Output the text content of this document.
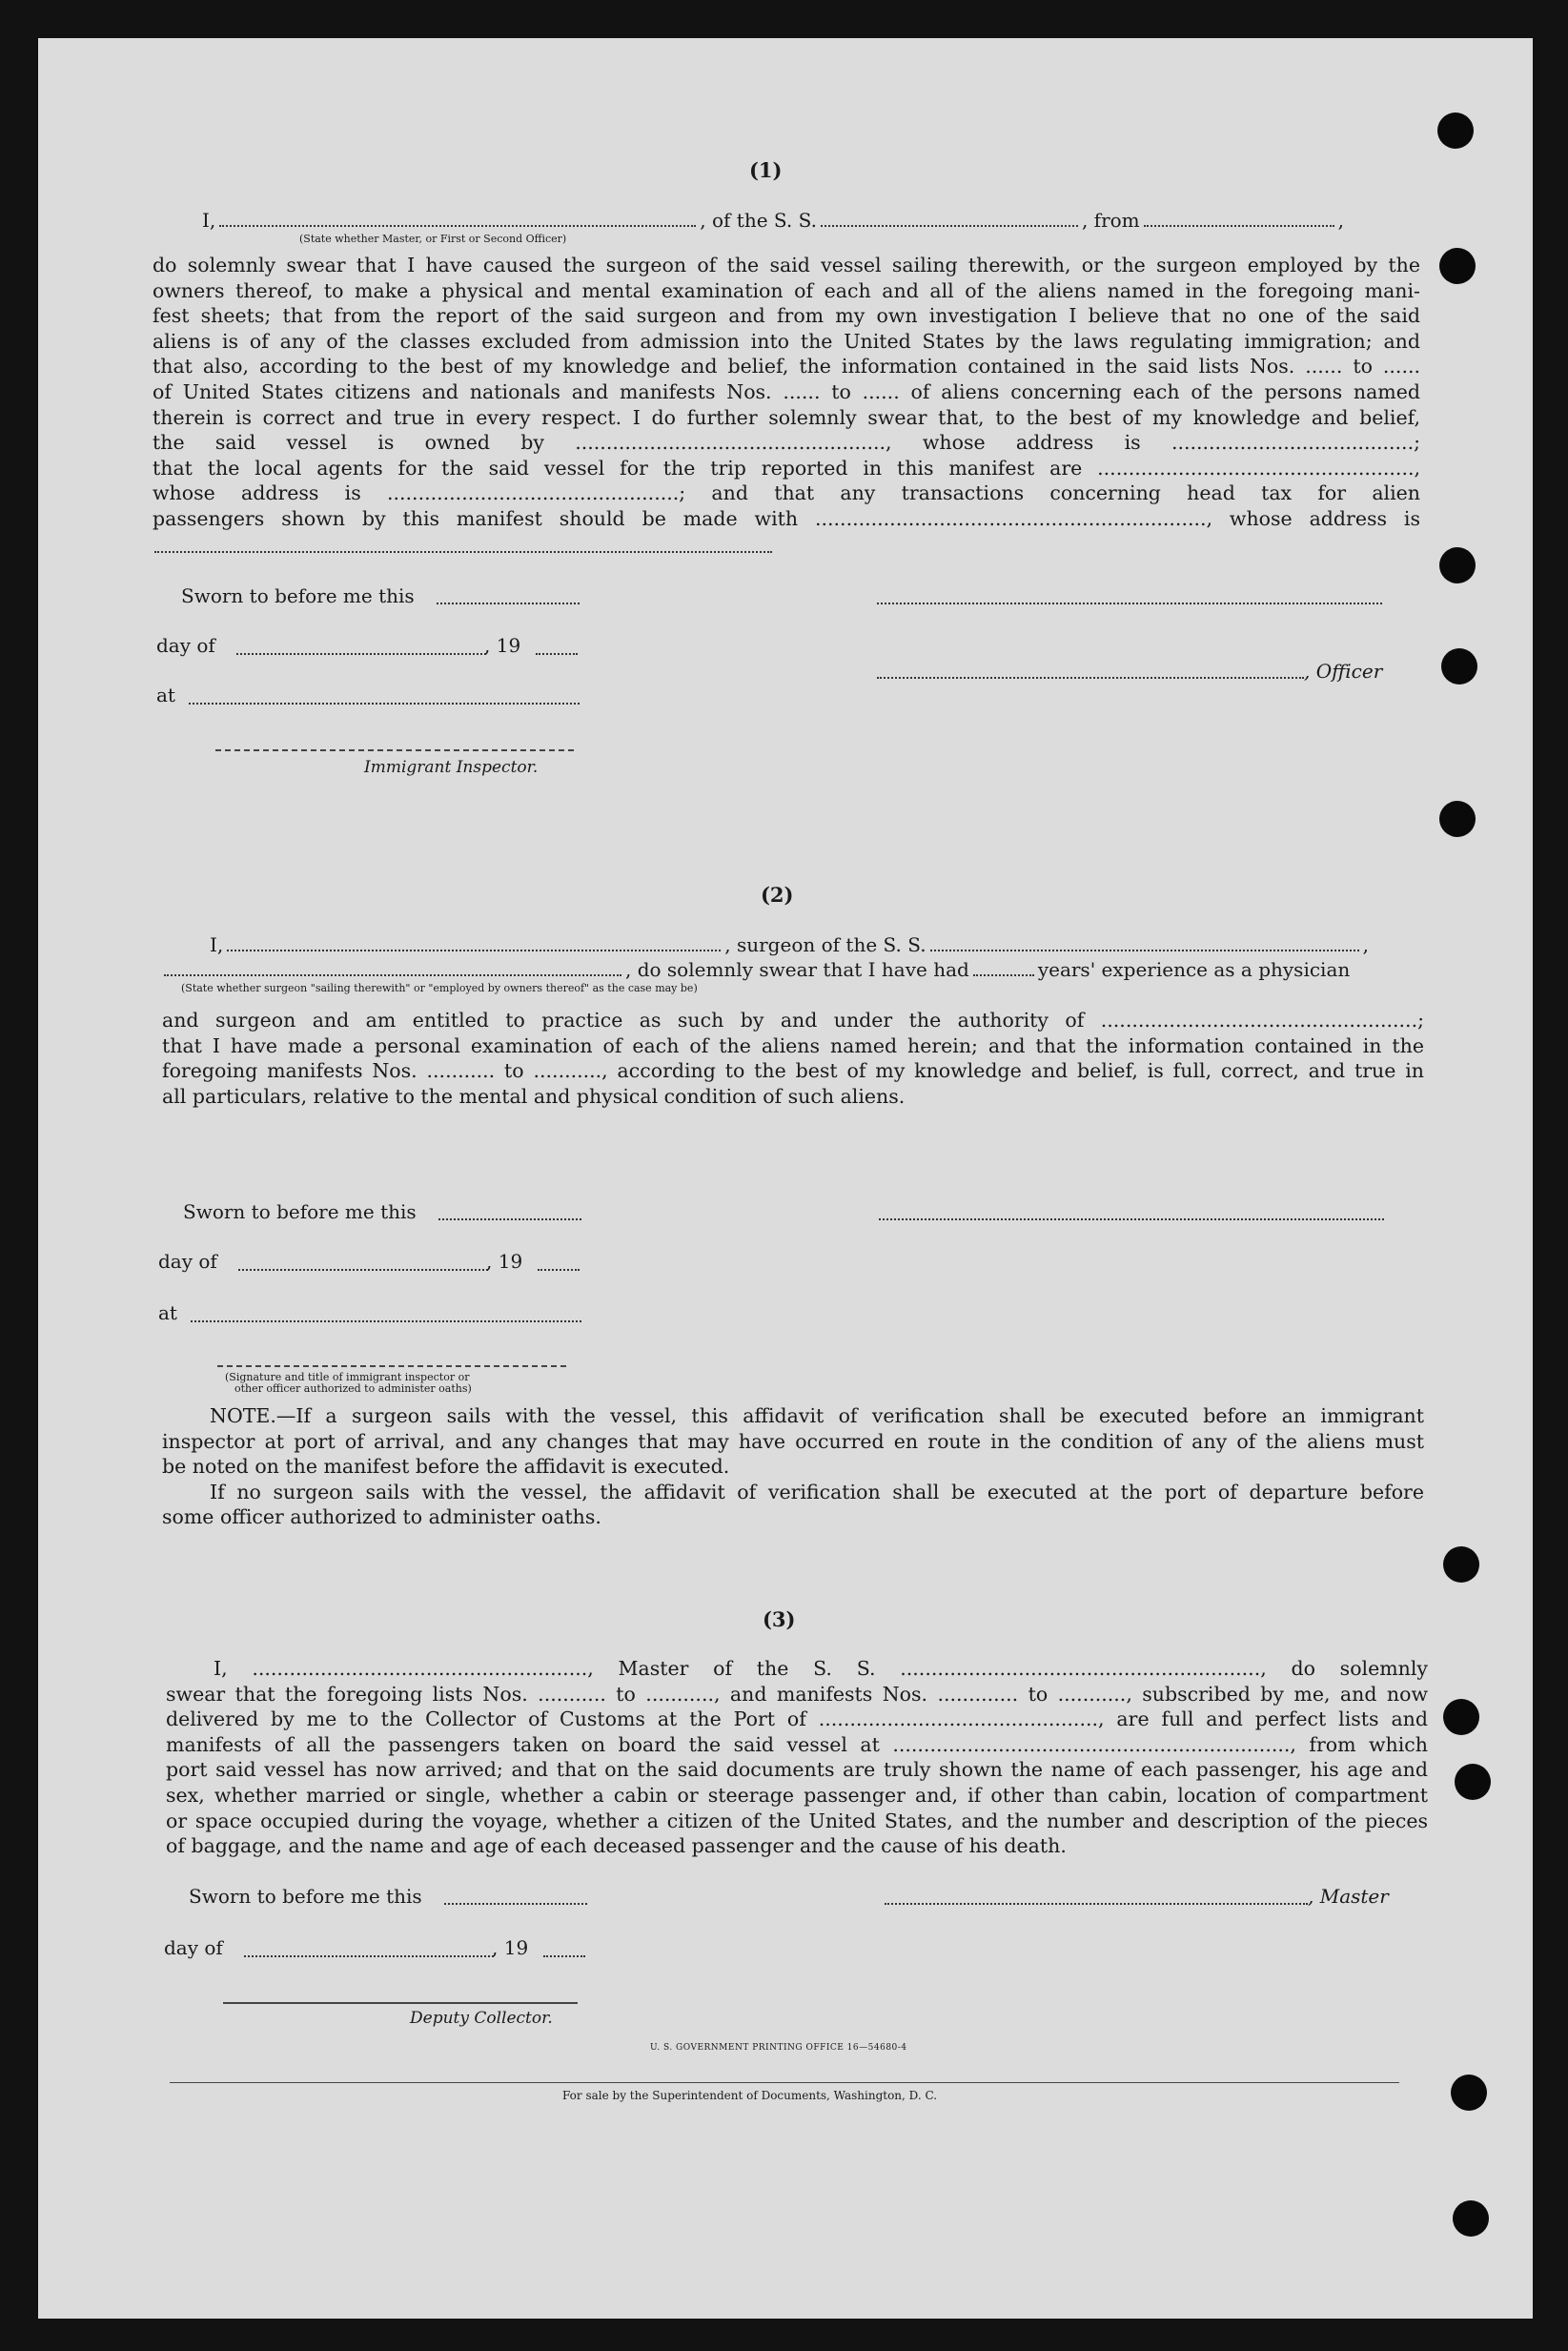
(1)
I,	, of the S. S.	, from	,
(State whether Master, or First or Second Officer)
do solemnly swear that I have caused the surgeon of the said vessel sailing therewith, or the surgeon employed by the
owners thereof, to make a physical and mental examination of each and all of the aliens named in the foregoing mani-
fest sheets; that from the report of the said surgeon and from my own investigation I believe that no one of the said
aliens is of any of the classes excluded from admission into the United States by the laws regulating immigration; and
that also, according to the best of my knowledge and belief, the information contained in the said lists Nos. ...... to ......
of United States citizens and nationals and manifests Nos. ...... to ...... of aliens concerning each of the persons named
therein is correct and true in every respect. I do further solemnly swear that, to the best of my knowledge and belief,
the said vessel is owned by .................................................., whose address is .......................................;
that the local agents for the said vessel for the trip reported in this manifest are ...................................................,
whose address is ...............................................; and that any transactions concerning head tax for alien
passengers shown by this manifest should be made with ..............................................................., whose address is
Sworn to before me this
day of	, 19
, Officer
at
Immigrant Inspector.
(2)
I,	, surgeon of the S. S.	,
, do solemnly swear that I have had	years' experience as a physician
(State whether surgeon "sailing therewith" or "employed by owners thereof" as the case may be)
and surgeon and am entitled to practice as such by and under the authority of ...................................................;
that I have made a personal examination of each of the aliens named herein; and that the information contained in the
foregoing manifests Nos. ........... to ..........., according to the best of my knowledge and belief, is full, correct, and true in
all particulars, relative to the mental and physical condition of such aliens.
Sworn to before me this
day of	, 19
at
(Signature and title of immigrant inspector or
other officer authorized to administer oaths)
NOTE.—If a surgeon sails with the vessel, this affidavit of verification shall be executed before an immigrant
inspector at port of arrival, and any changes that may have occurred en route in the condition of any of the aliens must
be noted on the manifest before the affidavit is executed.
If no surgeon sails with the vessel, the affidavit of verification shall be executed at the port of departure before
some officer authorized to administer oaths.
(3)
I, ......................................................, Master of the S. S. .........................................................., do solemnly
swear that the foregoing lists Nos. ........... to ..........., and manifests Nos. ............. to ..........., subscribed by me, and now
delivered by me to the Collector of Customs at the Port of ............................................., are full and perfect lists and
manifests of all the passengers taken on board the said vessel at ................................................................, from which
port said vessel has now arrived; and that on the said documents are truly shown the name of each passenger, his age and
sex, whether married or single, whether a cabin or steerage passenger and, if other than cabin, location of compartment
or space occupied during the voyage, whether a citizen of the United States, and the number and description of the pieces
of baggage, and the name and age of each deceased passenger and the cause of his death.
Sworn to before me this	, Master
day of	, 19
Deputy Collector.
U. S. GOVERNMENT PRINTING OFFICE 16—54680-4
For sale by the Superintendent of Documents, Washington, D. C.
